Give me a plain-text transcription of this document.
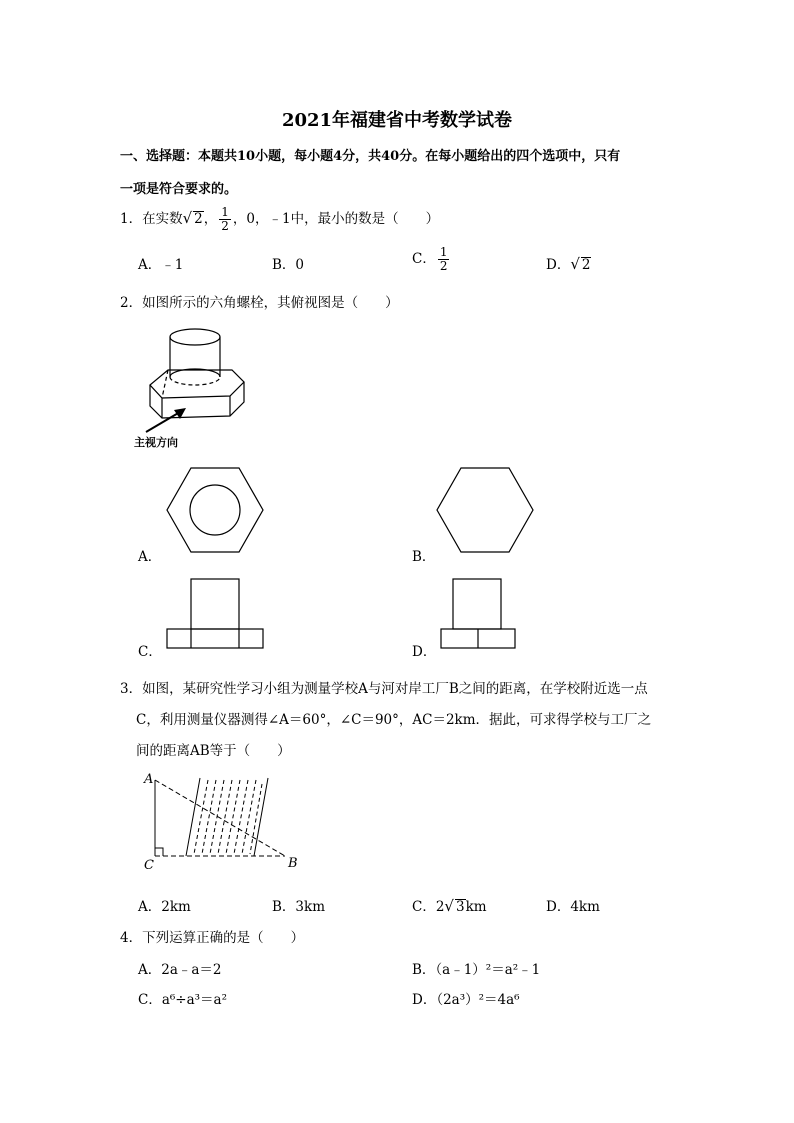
2021年福建省中考数学试卷
一、选择题：本题共10小题，每小题4分，共40分。在每小题给出的四个选项中，只有
一项是符合要求的。
1．在实数√ 2， $\frac{1}{2}$ ，0，﹣1中，最小的数是（　　）
A．﹣1	B．0	C． $\frac{1}{2}$	D．√ 2
2．如图所示的六角螺栓，其俯视图是（　　）
主视方向
A．	B．
C．	D．
3．如图，某研究性学习小组为测量学校A与河对岸工厂B之间的距离，在学校附近选一点
C，利用测量仪器测得∠A＝60°，∠C＝90°，AC＝2km．据此，可求得学校与工厂之
间的距离AB等于（　　）
A
C	B
A．2km	B．3km	C．2√ 3km	D．4km
4．下列运算正确的是（　　）
A．2a﹣a＝2	B．（a﹣1）²＝a²﹣1
C．a⁶÷a³＝a²	D．（2a³）²＝4a⁶
